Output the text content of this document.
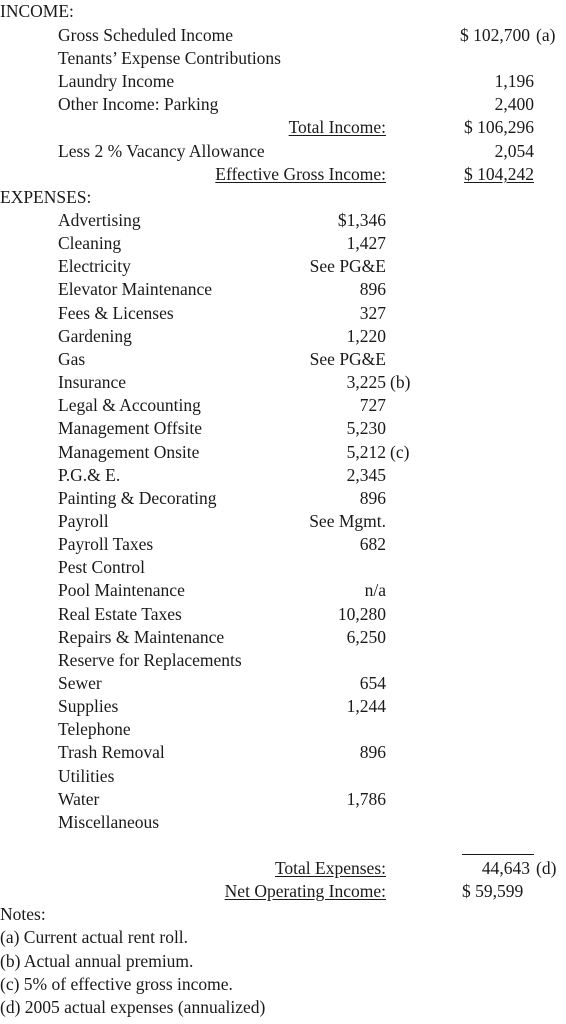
INCOME:
Gross Scheduled Income	$ 102,700 (a)
Tenants’ Expense Contributions
Laundry Income	1,196
Other Income: Parking	2,400
Total Income:	$ 106,296
Less 2 % Vacancy Allowance	2,054
Effective Gross Income:	$ 104,242
EXPENSES:
Advertising	$1,346
Cleaning	1,427
Electricity	See PG&E
Elevator Maintenance	896
Fees & Licenses	327
Gardening	1,220
Gas	See PG&E
Insurance	3,225 (b)
Legal & Accounting	727
Management Offsite	5,230
Management Onsite	5,212 (c)
P.G.& E.	2,345
Painting & Decorating	896
Payroll	See Mgmt.
Payroll Taxes	682
Pest Control
Pool Maintenance	n/a
Real Estate Taxes	10,280
Repairs & Maintenance	6,250
Reserve for Replacements
Sewer	654
Supplies	1,244
Telephone
Trash Removal	896
Utilities
Water	1,786
Miscellaneous
Total Expenses:	44,643 (d)
Net Operating Income:	$ 59,599
Notes:
(a) Current actual rent roll.
(b) Actual annual premium.
(c) 5% of effective gross income.
(d) 2005 actual expenses (annualized)
